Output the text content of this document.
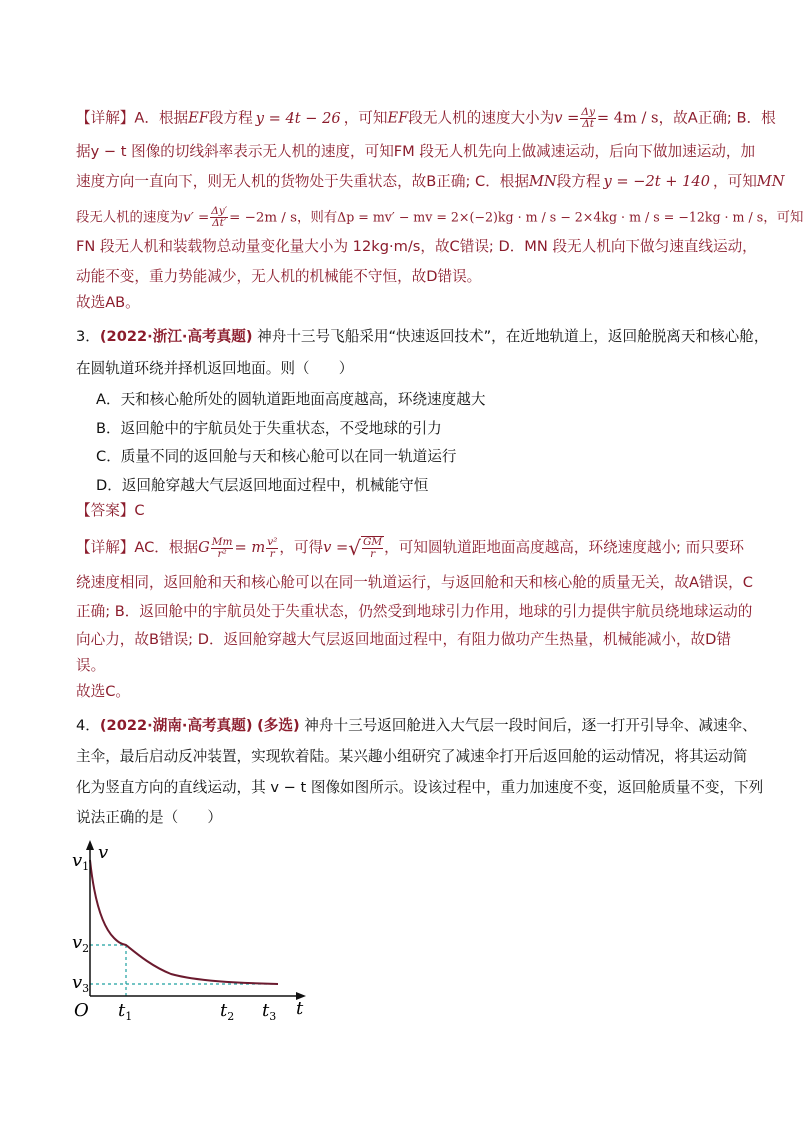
【详解】A．根据EF段方程 y = 4t − 26 ，可知EF段无人机的速度大小为$v = \frac{\Delta y}{\Delta t} = 4m / s$，故A正确; B．根
据y − t 图像的切线斜率表示无人机的速度，可知FM 段无人机先向上做减速运动，后向下做加速运动，加
速度方向一直向下，则无人机的货物处于失重状态，故B正确; C．根据MN段方程 y = −2t + 140 ，可知MN
段无人机的速度为$v' = \frac{\Delta y'}{\Delta t'} = -2m / s$，则有Δp = mv′ − mv = 2×(−2)kg · m / s − 2×4kg · m / s = −12kg · m / s，可知
FN 段无人机和装载物总动量变化量大小为 12kg·m/s，故C错误; D．MN 段无人机向下做匀速直线运动，
动能不变，重力势能减少，无人机的机械能不守恒，故D错误。
故选AB。
3．(2022·浙江·高考真题) 神舟十三号飞船采用“快速返回技术”，在近地轨道上，返回舱脱离天和核心舱，
在圆轨道环绕并择机返回地面。则（　　）
A．天和核心舱所处的圆轨道距地面高度越高，环绕速度越大
B．返回舱中的宇航员处于失重状态，不受地球的引力
C．质量不同的返回舱与天和核心舱可以在同一轨道运行
D．返回舱穿越大气层返回地面过程中，机械能守恒
【答案】C
【详解】AC．根据G $\frac{Mm}{\text{r²}} = m \frac{\text{v²}}{r}$ ，可得v =√ $\frac{GM}{r}$ ，可知圆轨道距地面高度越高，环绕速度越小; 而只要环
绕速度相同，返回舱和天和核心舱可以在同一轨道运行，与返回舱和天和核心舱的质量无关，故A错误，C
正确; B．返回舱中的宇航员处于失重状态，仍然受到地球引力作用，地球的引力提供宇航员绕地球运动的
向心力，故B错误; D．返回舱穿越大气层返回地面过程中，有阻力做功产生热量，机械能减小，故D错
误。
故选C。
4．(2022·湖南·高考真题) (多选) 神舟十三号返回舱进入大气层一段时间后，逐一打开引导伞、减速伞、
主伞，最后启动反冲装置，实现软着陆。某兴趣小组研究了减速伞打开后返回舱的运动情况，将其运动简
化为竖直方向的直线运动，其 v − t 图像如图所示。设该过程中，重力加速度不变，返回舱质量不变，下列
说法正确的是（　　）
v
t
O
$v_1$
$v_2$
$v_3$
$t_1$	$t_2$ $t_3$
